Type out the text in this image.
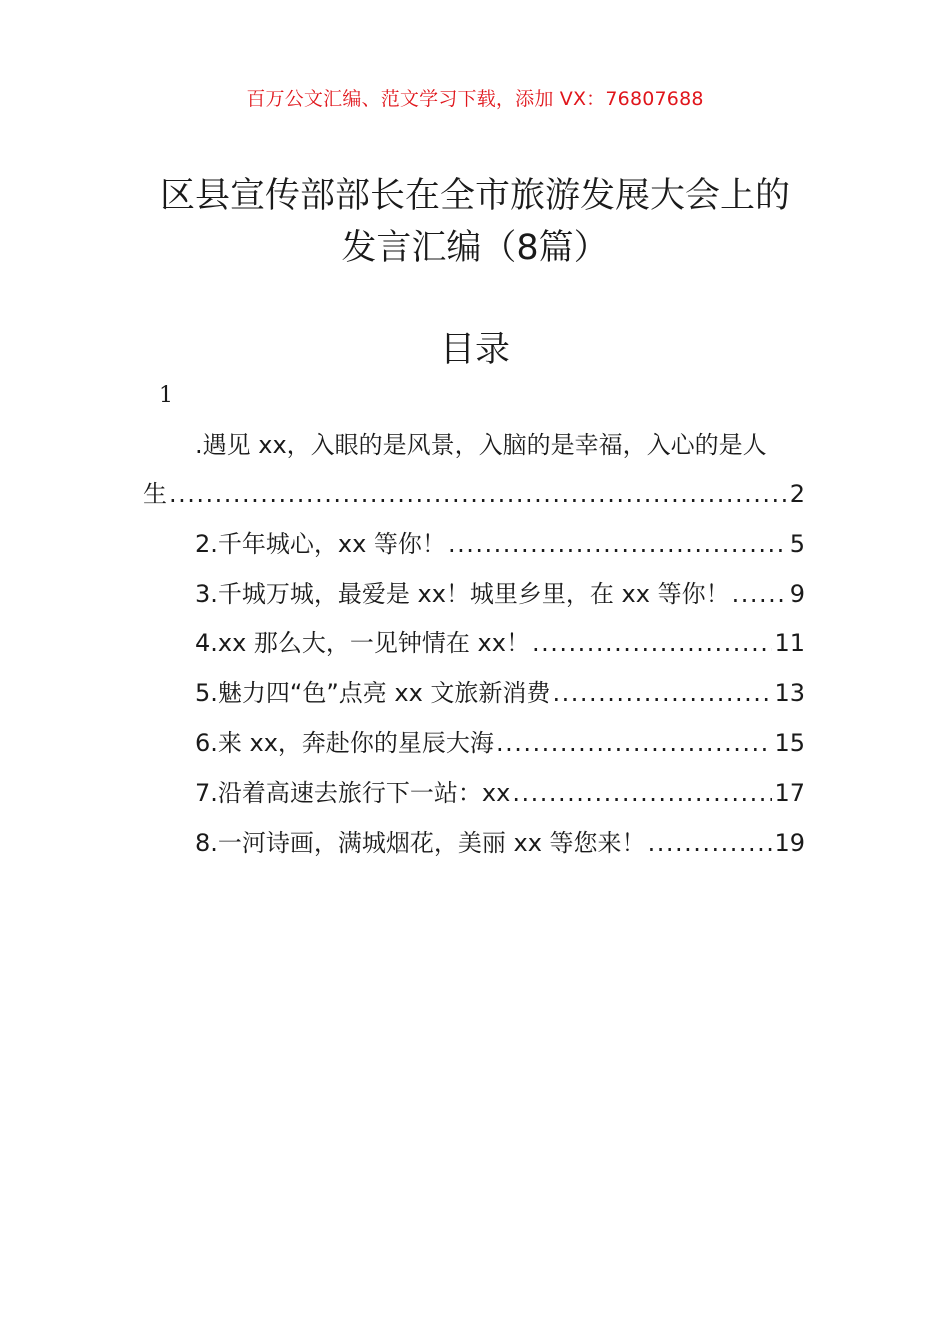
百万公文汇编、范文学习下载，添加 VX：76807688
区县宣传部部长在全市旅游发展大会上的
发言汇编（8篇）
目录
1
.遇见 xx，入眼的是风景，入脑的是幸福，入心的是人
生 .....	2
2.千年城心，xx 等你！ .....	5
3.千城万城，最爱是 xx！城里乡里，在 xx 等你！ .....	9
4.xx 那么大，一见钟情在 xx！ .....	11
5.魅力四“色”点亮 xx 文旅新消费 .....	13
6.来 xx，奔赴你的星辰大海 .....	15
7.沿着高速去旅行下一站：xx .....	17
8.一河诗画，满城烟花，美丽 xx 等您来！ .....	19
